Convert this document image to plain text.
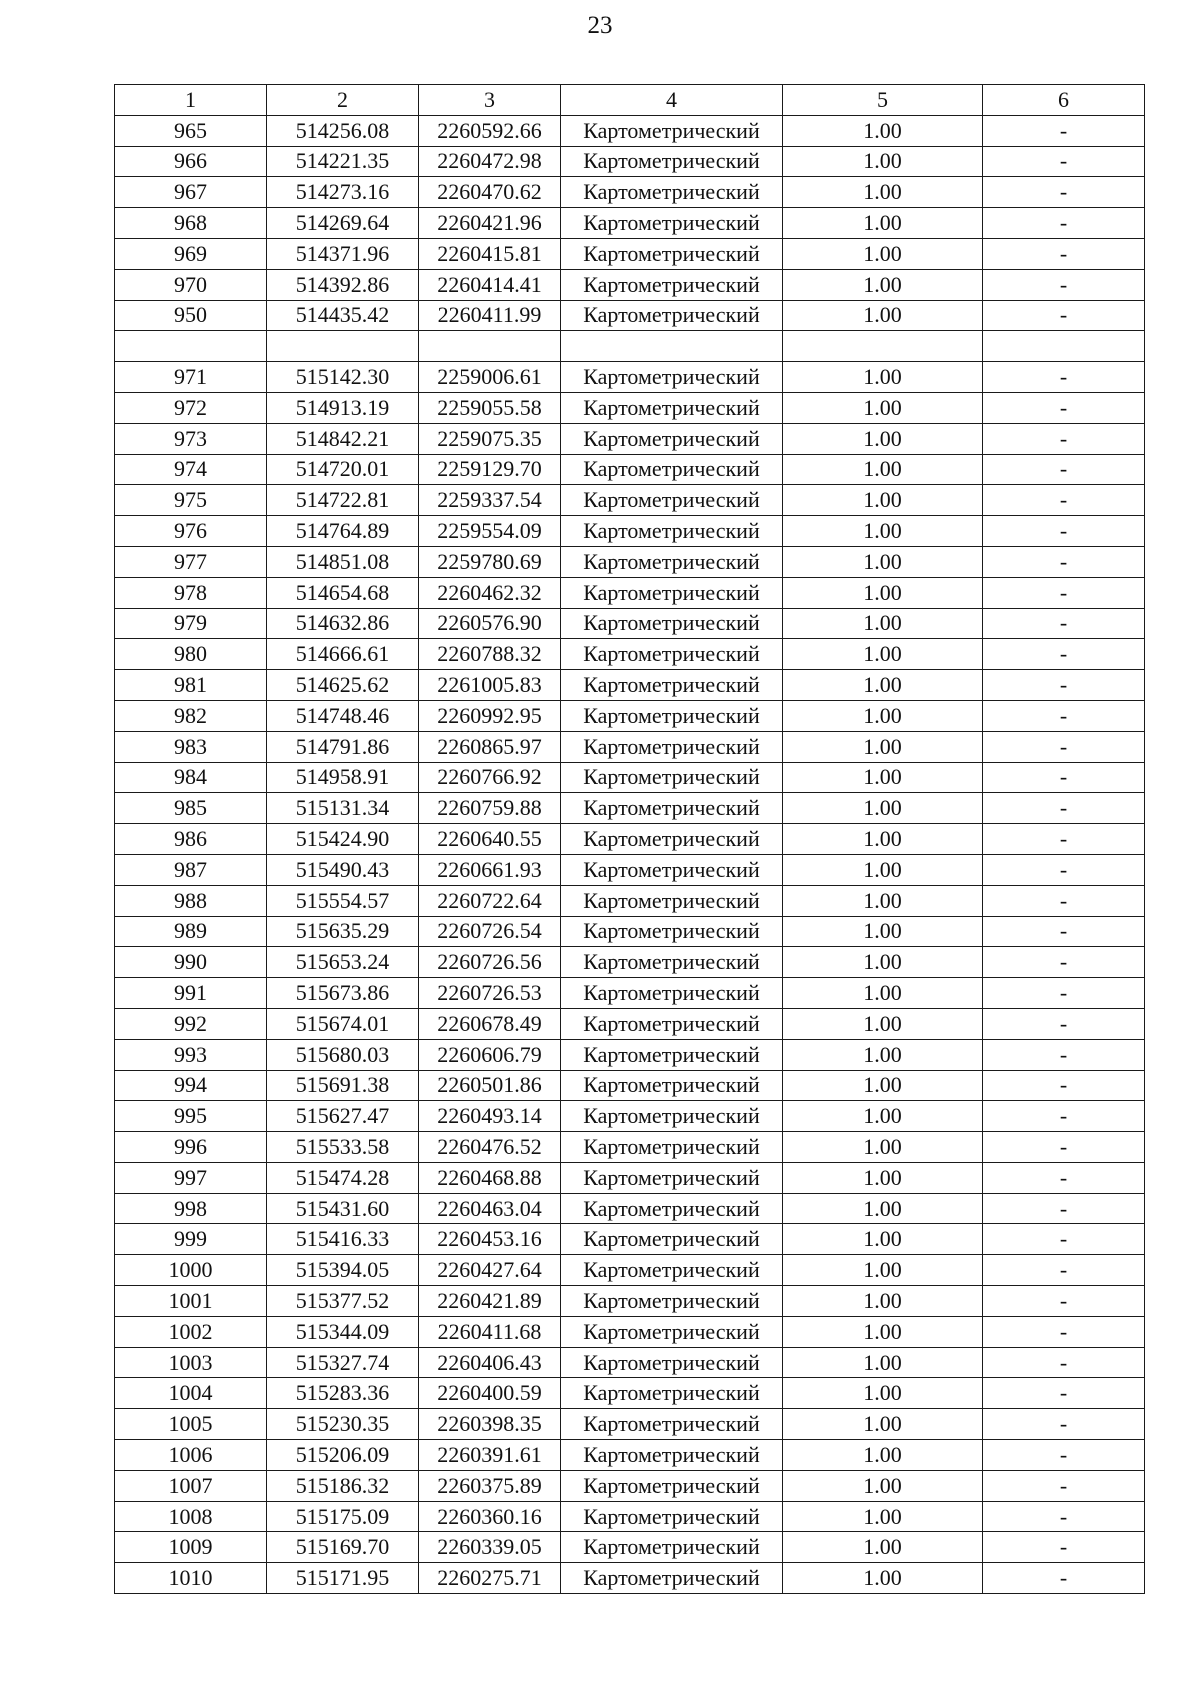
23
1	2	3	4	5	6
965	514256.08	2260592.66	Картометрический	1.00	-
966	514221.35	2260472.98	Картометрический	1.00	-
967	514273.16	2260470.62	Картометрический	1.00	-
968	514269.64	2260421.96	Картометрический	1.00	-
969	514371.96	2260415.81	Картометрический	1.00	-
970	514392.86	2260414.41	Картометрический	1.00	-
950	514435.42	2260411.99	Картометрический	1.00	-

971	515142.30	2259006.61	Картометрический	1.00	-
972	514913.19	2259055.58	Картометрический	1.00	-
973	514842.21	2259075.35	Картометрический	1.00	-
974	514720.01	2259129.70	Картометрический	1.00	-
975	514722.81	2259337.54	Картометрический	1.00	-
976	514764.89	2259554.09	Картометрический	1.00	-
977	514851.08	2259780.69	Картометрический	1.00	-
978	514654.68	2260462.32	Картометрический	1.00	-
979	514632.86	2260576.90	Картометрический	1.00	-
980	514666.61	2260788.32	Картометрический	1.00	-
981	514625.62	2261005.83	Картометрический	1.00	-
982	514748.46	2260992.95	Картометрический	1.00	-
983	514791.86	2260865.97	Картометрический	1.00	-
984	514958.91	2260766.92	Картометрический	1.00	-
985	515131.34	2260759.88	Картометрический	1.00	-
986	515424.90	2260640.55	Картометрический	1.00	-
987	515490.43	2260661.93	Картометрический	1.00	-
988	515554.57	2260722.64	Картометрический	1.00	-
989	515635.29	2260726.54	Картометрический	1.00	-
990	515653.24	2260726.56	Картометрический	1.00	-
991	515673.86	2260726.53	Картометрический	1.00	-
992	515674.01	2260678.49	Картометрический	1.00	-
993	515680.03	2260606.79	Картометрический	1.00	-
994	515691.38	2260501.86	Картометрический	1.00	-
995	515627.47	2260493.14	Картометрический	1.00	-
996	515533.58	2260476.52	Картометрический	1.00	-
997	515474.28	2260468.88	Картометрический	1.00	-
998	515431.60	2260463.04	Картометрический	1.00	-
999	515416.33	2260453.16	Картометрический	1.00	-
1000	515394.05	2260427.64	Картометрический	1.00	-
1001	515377.52	2260421.89	Картометрический	1.00	-
1002	515344.09	2260411.68	Картометрический	1.00	-
1003	515327.74	2260406.43	Картометрический	1.00	-
1004	515283.36	2260400.59	Картометрический	1.00	-
1005	515230.35	2260398.35	Картометрический	1.00	-
1006	515206.09	2260391.61	Картометрический	1.00	-
1007	515186.32	2260375.89	Картометрический	1.00	-
1008	515175.09	2260360.16	Картометрический	1.00	-
1009	515169.70	2260339.05	Картометрический	1.00	-
1010	515171.95	2260275.71	Картометрический	1.00	-
